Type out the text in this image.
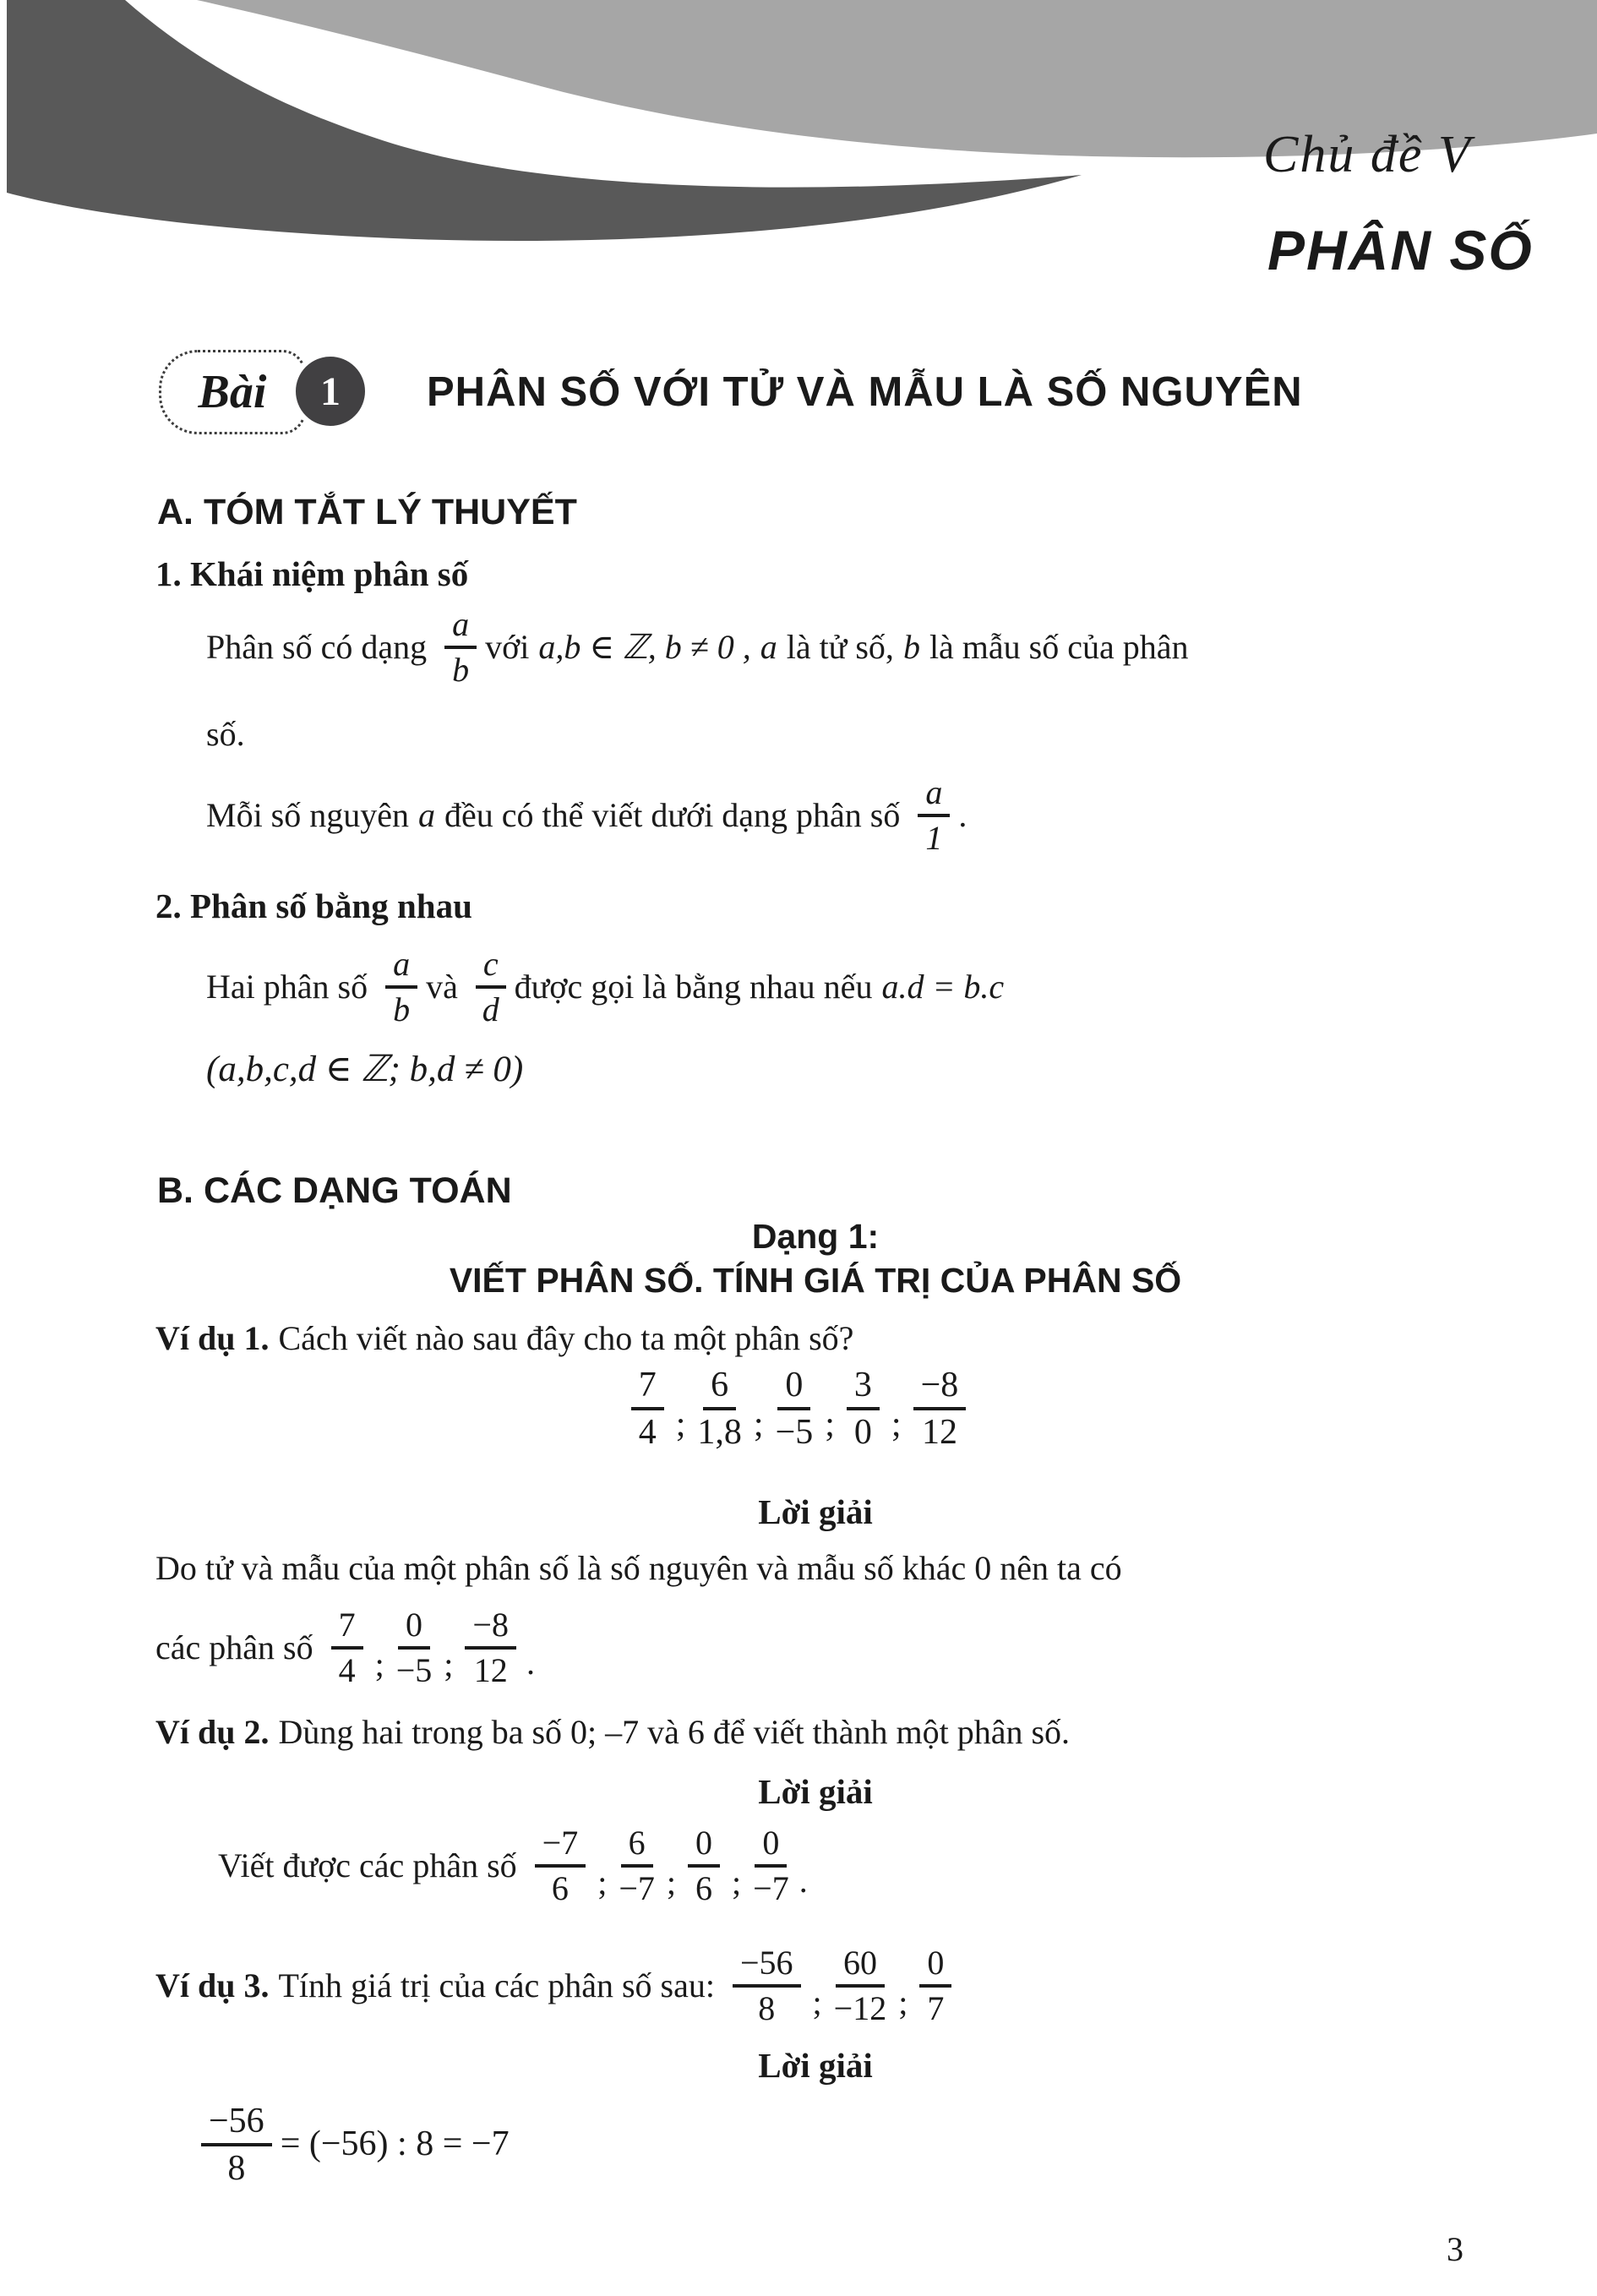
Chủ đề V
PHÂN SỐ
Bài 1 PHÂN SỐ VỚI TỬ VÀ MẪU LÀ SỐ NGUYÊN
A. TÓM TẮT LÝ THUYẾT
1. Khái niệm phân số
Phân số có dạng $\frac{a}{b}$ với a,b ∈ ℤ, b ≠ 0 , a là tử số, b là mẫu số của phân
số.
Mỗi số nguyên a đều có thể viết dưới dạng phân số $\frac{a}{1}$ .
2. Phân số bằng nhau
Hai phân số $\frac{a}{b}$ và $\frac{c}{d}$ được gọi là bằng nhau nếu a.d = b.c
(a,b,c,d ∈ ℤ; b,d ≠ 0)
B. CÁC DẠNG TOÁN
Dạng 1:
VIẾT PHÂN SỐ. TÍNH GIÁ TRỊ CỦA PHÂN SỐ
Ví dụ 1. Cách viết nào sau đây cho ta một phân số?
$\frac{7}{4}$ ; $\frac{6}{1,8}$ ; $\frac{0}{-5}$ ; $\frac{3}{0}$ ; $\frac{-8}{12}$
Lời giải
Do tử và mẫu của một phân số là số nguyên và mẫu số khác 0 nên ta có
các phân số $\frac{7}{4}$ ; $\frac{0}{-5}$ ; $\frac{-8}{12}$ .
Ví dụ 2. Dùng hai trong ba số 0; –7 và 6 để viết thành một phân số.
Lời giải
Viết được các phân số $\frac{-7}{6}$ ; $\frac{6}{-7}$ ; $\frac{0}{6}$ ; $\frac{0}{-7}$ .
Ví dụ 3. Tính giá trị của các phân số sau: $\frac{-56}{8}$ ; $\frac{60}{-12}$ ; $\frac{0}{7}$
Lời giải
$\frac{-56}{8} = (-56)$ : 8 = −7
3
